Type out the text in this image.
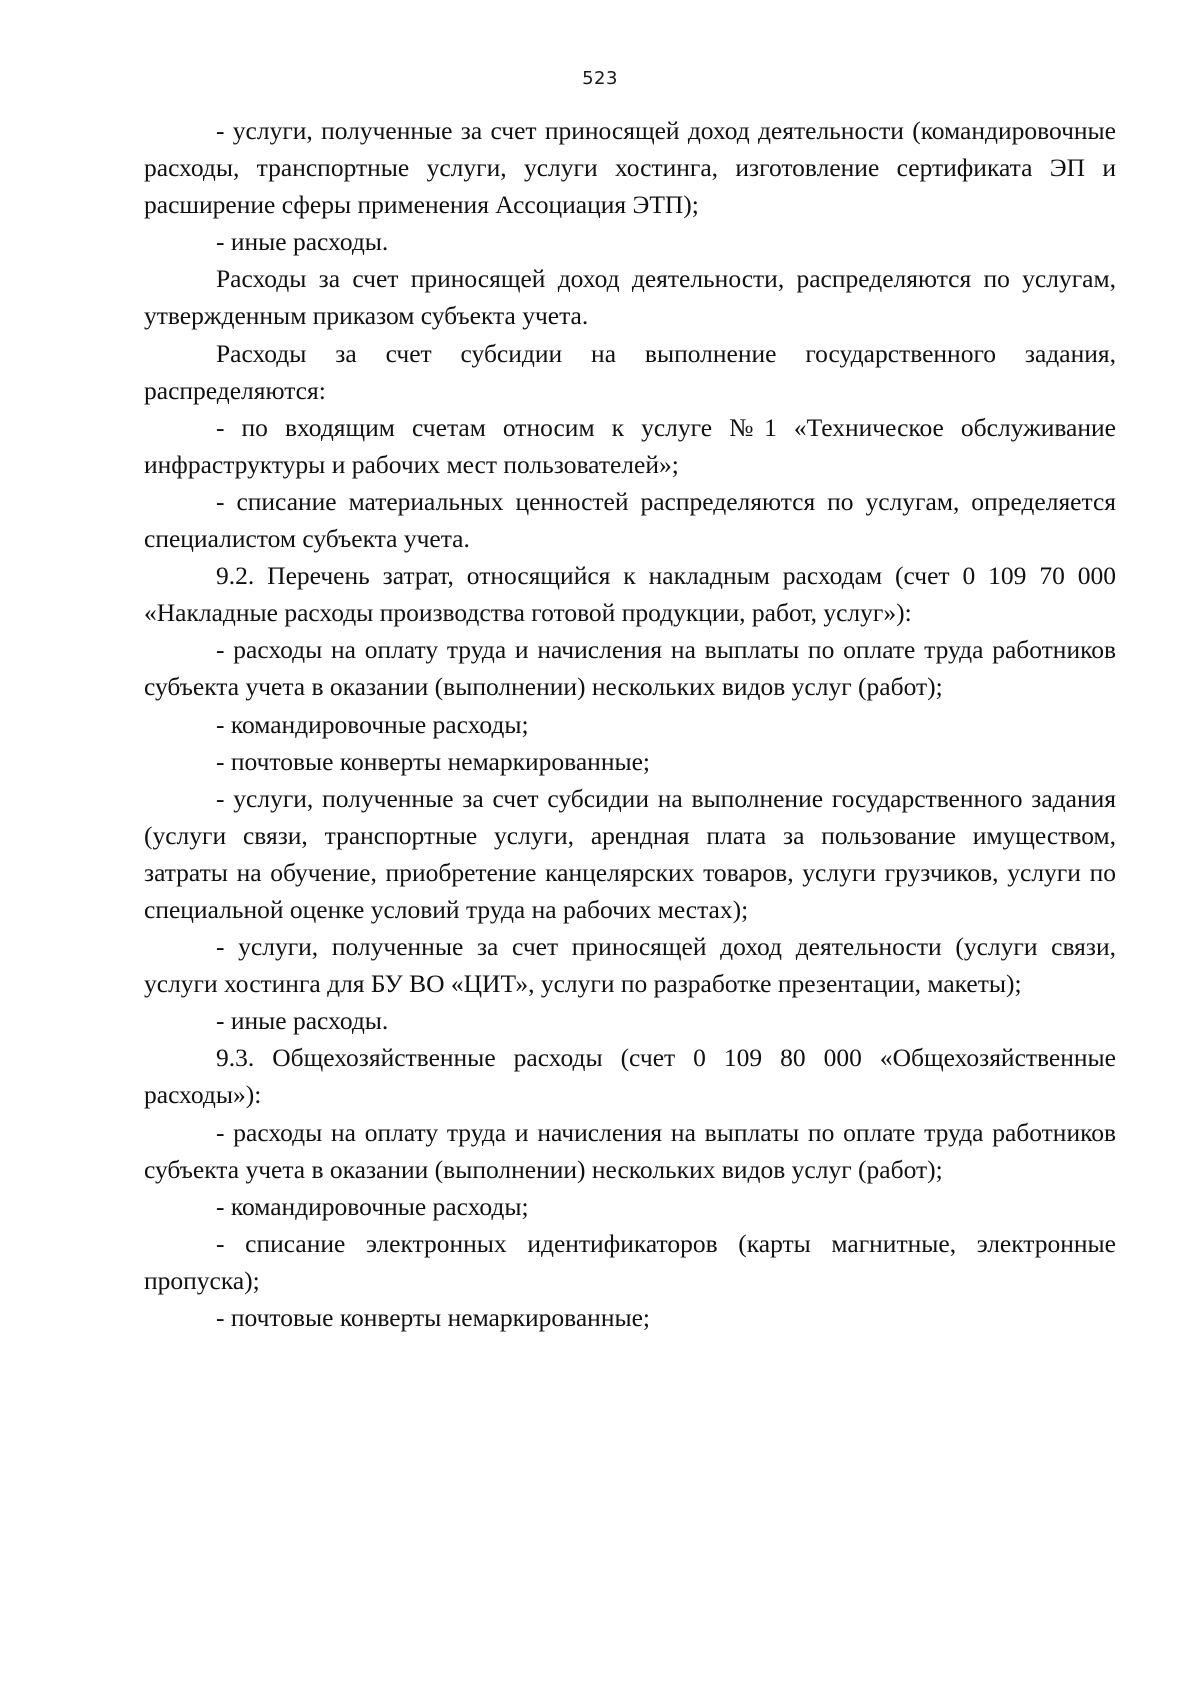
523

- услуги, полученные за счет приносящей доход деятельности (командировочные расходы, транспортные услуги, услуги хостинга, изготовление сертификата ЭП и расширение сферы применения Ассоциация ЭТП);

- иные расходы.

Расходы за счет приносящей доход деятельности, распределяются по услугам, утвержденным приказом субъекта учета.

Расходы за счет субсидии на выполнение государственного задания, распределяются:

- по входящим счетам относим к услуге №1 «Техническое обслуживание инфраструктуры и рабочих мест пользователей»;

- списание материальных ценностей распределяются по услугам, определяется специалистом субъекта учета.

9.2. Перечень затрат, относящийся к накладным расходам (счет 0 109 70 000 «Накладные расходы производства готовой продукции, работ, услуг»):

- расходы на оплату труда и начисления на выплаты по оплате труда работников субъекта учета в оказании (выполнении) нескольких видов услуг (работ);

- командировочные расходы;

- почтовые конверты немаркированные;

- услуги, полученные за счет субсидии на выполнение государственного задания (услуги связи, транспортные услуги, арендная плата за пользование имуществом, затраты на обучение, приобретение канцелярских товаров, услуги грузчиков, услуги по специальной оценке условий труда на рабочих местах);

- услуги, полученные за счет приносящей доход деятельности (услуги связи, услуги хостинга для БУ ВО «ЦИТ», услуги по разработке презентации, макеты);

- иные расходы.

9.3. Общехозяйственные расходы (счет 0 109 80 000 «Общехозяйственные расходы»):

- расходы на оплату труда и начисления на выплаты по оплате труда работников субъекта учета в оказании (выполнении) нескольких видов услуг (работ);

- командировочные расходы;

- списание электронных идентификаторов (карты магнитные, электронные пропуска);

- почтовые конверты немаркированные;
